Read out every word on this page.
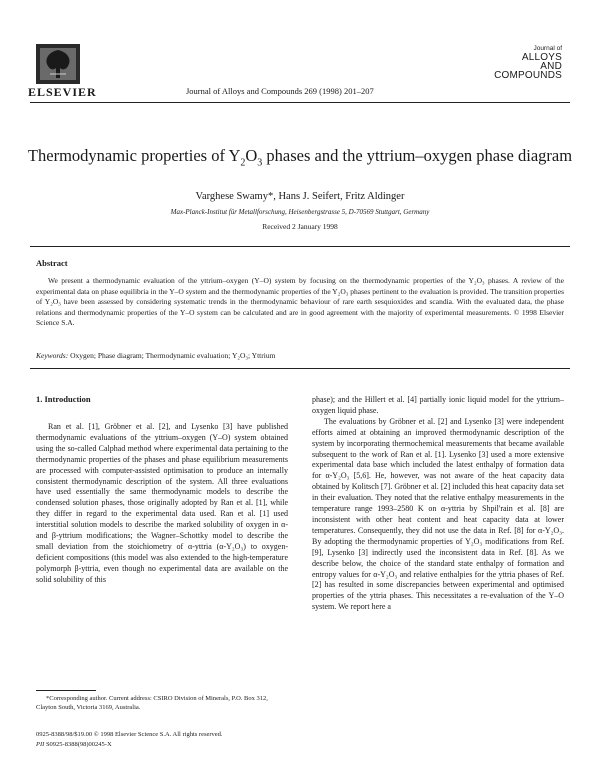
ELSEVIER	Journal of Alloys and Compounds 269 (1998) 201–207
Journal of
ALLOYS
AND COMPOUNDS
Thermodynamic properties of $Y_2O_3$ phases and the yttrium–oxygen phase diagram
Varghese Swamy*, Hans J. Seifert, Fritz Aldinger
Max-Planck-Institut für Metallforschung, Heisenbergstrasse 5, D-70569 Stuttgart, Germany
Received 2 January 1998
Abstract
We present a thermodynamic evaluation of the yttrium–oxygen (Y–O) system by focusing on the thermodynamic properties of the Y₂O₃ phases. A review of the experimental data on phase equilibria in the Y–O system and the thermodynamic properties of the Y₂O₃ phases pertinent to the evaluation is provided. The transition properties of Y₂O₃ have been assessed by considering systematic trends in the thermodynamic behaviour of rare earth sesquioxides and scandia. With the evaluated data, the phase relations and thermodynamic properties of the Y–O system can be calculated and are in good agreement with the majority of experimental measurements. © 1998 Elsevier Science S.A.
Keywords: Oxygen; Phase diagram; Thermodynamic evaluation; Y₂O₃; Yttrium
1. Introduction

Ran et al. [1], Gröbner et al. [2], and Lysenko [3] have published thermodynamic evaluations of the yttrium–oxygen (Y–O) system obtained using the so-called Calphad method where experimental data pertaining to the thermodynamic properties of the phases and phase equilibrium measurements are processed with computer-assisted optimisation to produce an internally consistent thermodynamic description of the system. All three evaluations have used essentially the same thermodynamic models to describe the condensed solution phases, those originally adopted by Ran et al. [1], while they differ in regard to the experimental data used. Ran et al. [1] used interstitial solution models to describe the marked solubility of oxygen in α- and β-yttrium modifications; the Wagner–Schottky model to describe the small deviation from the stoichiometry of α-yttria (α-Y₂O₃) to oxygen-deficient compositions (this model was also extended to the high-temperature polymorph β-yttria, even though no experimental data are available on the solid solubility of this

phase); and the Hillert et al. [4] partially ionic liquid model for the yttrium–oxygen liquid phase.

The evaluations by Gröbner et al. [2] and Lysenko [3] were independent efforts aimed at obtaining an improved thermodynamic description of the system by incorporating thermochemical measurements that became available subsequent to the work of Ran et al. [1]. Lysenko [3] used a more extensive experimental data base which included the latest enthalpy of formation data for α-Y₂O₃ [5,6]. He, however, was not aware of the heat capacity data obtained by Kolitsch [7]. Gröbner et al. [2] included this heat capacity data set in their evaluation. They noted that the relative enthalpy measurements in the temperature range 1993–2580 K on α-yttria by Shpil'rain et al. [8] are inconsistent with other heat content and heat capacity data at lower temperatures. Consequently, they did not use the data in Ref. [8] for α-Y₂O₃. By adopting the thermodynamic properties of Y₂O₃ modifications from Ref. [9], Lysenko [3] indirectly used the inconsistent data in Ref. [8]. As we describe below, the choice of the standard state enthalpy of formation and entropy values for α-Y₂O₃ and relative enthalpies for the yttria phases of Ref. [2] has resulted in some discrepancies between experimental and optimised properties of the yttria phases. This necessitates a re-evaluation of the Y–O system. We report here a

*Corresponding author. Current address: CSIRO Division of Minerals, P.O. Box 312, Clayton South, Victoria 3169, Australia.
0925-8388/98/$19.00 © 1998 Elsevier Science S.A. All rights reserved.
PII S0925-8388(98)00245-X
